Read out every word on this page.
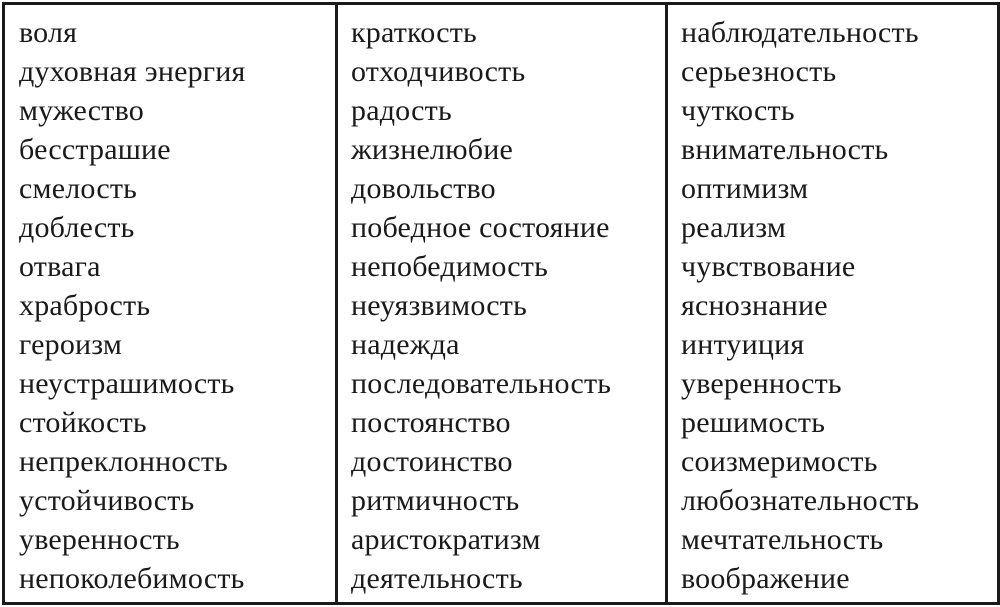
воля
духовная энергия
мужество
бесстрашие
смелость
доблесть
отвага
храбрость
героизм
неустрашимость
стойкость
непреклонность
устойчивость
уверенность
непоколебимость
краткость
отходчивость
радость
жизнелюбие
довольство
победное состояние
непобедимость
неуязвимость
надежда
последовательность
постоянство
достоинство
ритмичность
аристократизм
деятельность
наблюдательность
серьезность
чуткость
внимательность
оптимизм
реализм
чувствование
яснознание
интуиция
уверенность
решимость
соизмеримость
любознательность
мечтательность
воображение
